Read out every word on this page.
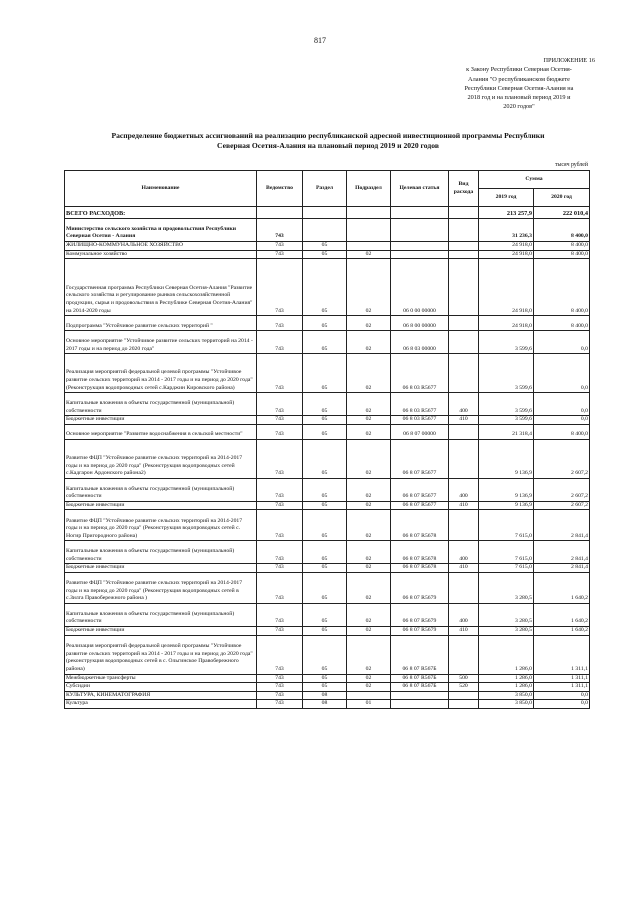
817
ПРИЛОЖЕНИЕ 16
к Закону Республики Северная Осетия-
Алания "О республиканском бюджете
Республики Северная Осетия-Алания на
2018 год и на плановый период 2019 и
2020 годов"
Распределение бюджетных ассигнований на реализацию республиканской адресной инвестиционной программы Республики
Северная Осетия-Алания на плановый период 2019 и 2020 годов
тысяч рублей
Наименование	Ведомство	Раздел	Подраздел	Целевая статья	Вид расхода	Сумма	
						2019 год	2020 год
ВСЕГО РАСХОДОВ:						213 257,9	222 010,4
Министерство сельского хозяйства и продовольствия Республики Северная Осетия - Алания	743					31 236,3	8 400,0
ЖИЛИЩНО-КОММУНАЛЬНОЕ ХОЗЯЙСТВО	743	05				24 918,0	8 400,0
Коммунальное хозяйство	743	05	02			24 918,0	8 400,0
Государственная программа Республики Северная Осетия-Алания "Развитие сельского хозяйства и регулирование рынков сельскохозяйственной продукции, сырья и продовольствия в Республике Северная Осетия-Алания" на 2014-2020 годы	743	05	02	06 0 00 00000		24 918,0	8 400,0
Подпрограмма "Устойчивое развитие сельских территорий "	743	05	02	06 8 00 00000		24 918,0	8 400,0
Основное мероприятие "Устойчивое развитие сельских территорий на 2014 - 2017 годы и на период до 2020 года"	743	05	02	06 8 03 00000		3 599,6	0,0
Реализация мероприятий федеральной целевой программы "Устойчивое развитие сельских территорий на 2014 - 2017 годы и на период до 2020 года" (Реконструкция водопроводных сетей с.Карджин Кировского района)	743	05	02	06 8 03 R5677		3 599,6	0,0
Капитальные вложения в объекты государственной (муниципальной) собственности	743	05	02	06 8 03 R5677	400	3 599,6	0,0
Бюджетные инвестиции	743	05	02	06 8 03 R5677	410	3 599,6	0,0
Основное мероприятие "Развитие водоснабжения в сельской местности"	743	05	02	06 8 07 00000		21 318,4	8 400,0
Развитие ФЦП "Устойчивое развитие сельских территорий на 2014-2017 годы и на период до 2020 года" (Реконструкция водопроводных сетей с.Кадгарон Ардонского района2)	743	05	02	06 8 07 R5677		9 136,9	2 607,2
Капитальные вложения в объекты государственной (муниципальной) собственности	743	05	02	06 8 07 R5677	400	9 136,9	2 607,2
Бюджетные инвестиции	743	05	02	06 8 07 R5677	410	9 136,9	2 607,2
Развитие ФЦП "Устойчивое развитие сельских территорий на 2014-2017 годы и на период до 2020 года" (Реконструкция водопроводных сетей с. Ногир Пригородного района)	743	05	02	06 8 07 R5678		7 615,0	2 841,4
Капитальные вложения в объекты государственной (муниципальной) собственности	743	05	02	06 8 07 R5678	400	7 615,0	2 841,4
Бюджетные инвестиции	743	05	02	06 8 07 R5678	410	7 615,0	2 841,4
Развитие ФЦП "Устойчивое развитие сельских территорий на 2014-2017 годы и на период до 2020 года" (Реконструкция водопроводных сетей в с.Зилга Правобережного района )	743	05	02	06 8 07 R5679		3 280,5	1 640,2
Капитальные вложения в объекты государственной (муниципальной) собственности	743	05	02	06 8 07 R5679	400	3 280,5	1 640,2
Бюджетные инвестиции	743	05	02	06 8 07 R5679	410	3 280,5	1 640,2
Реализация мероприятий федеральной целевой программы "Устойчивое развитие сельских территорий на 2014 - 2017 годы и на период до 2020 года" (реконструкция водопроводных сетей в с. Ольгинское Правобережного района)	743	05	02	06 8 07 R567Б		1 286,0	1 311,1
Межбюджетные трансферты	743	05	02	06 8 07 R567Б	500	1 286,0	1 311,1
Субсидии	743	05	02	06 8 07 R567Б	520	1 286,0	1 311,1
КУЛЬТУРА, КИНЕМАТОГРАФИЯ	743	08				3 850,0	0,0
Культура	743	08	01			3 850,0	0,0
